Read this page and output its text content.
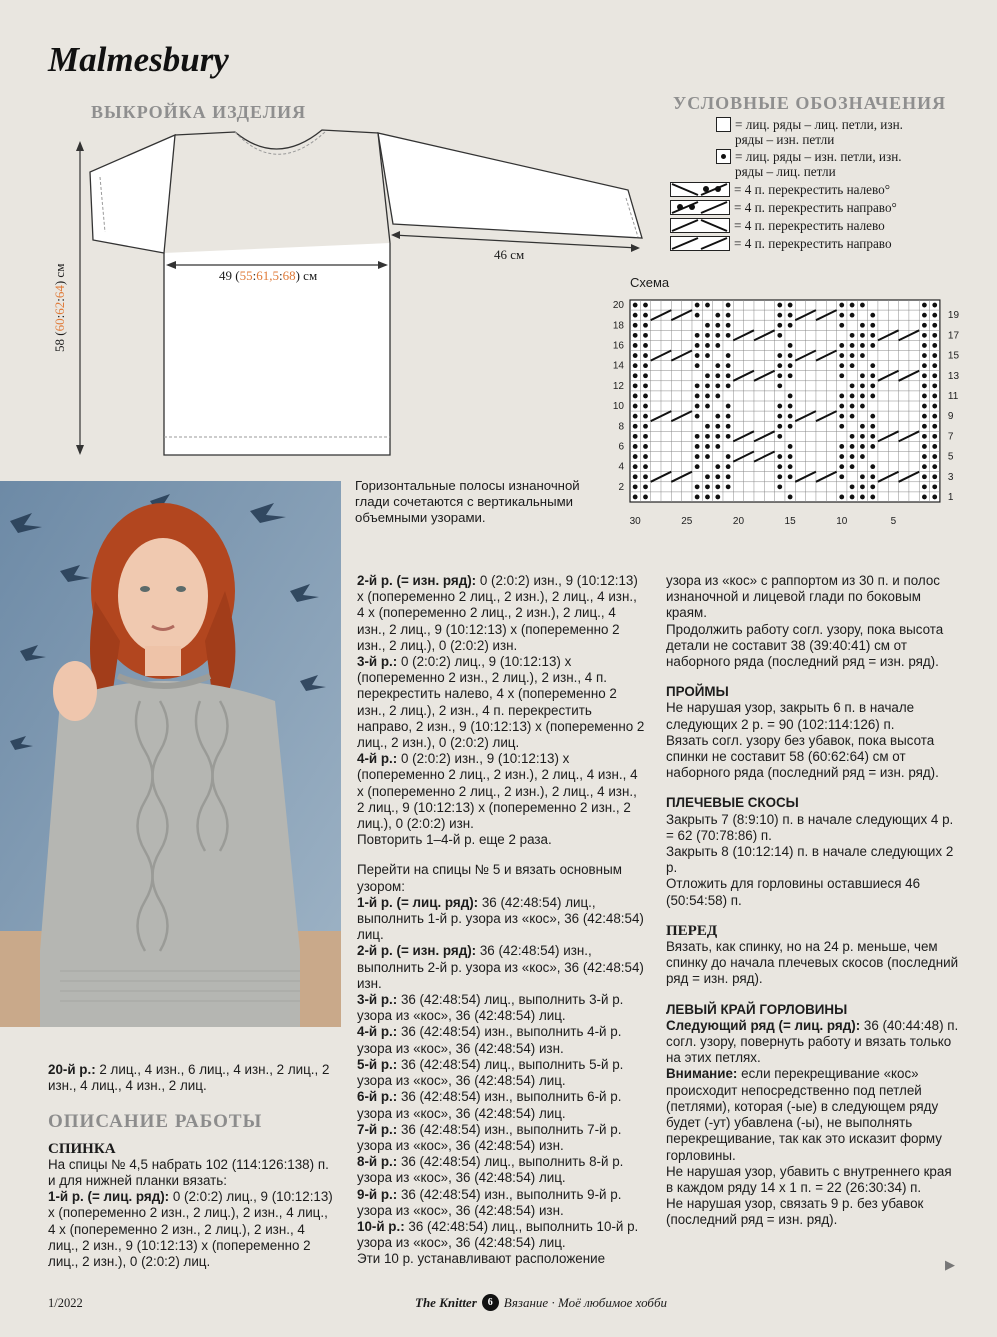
Malmesbury
ВЫКРОЙКА ИЗДЕЛИЯ	УСЛОВНЫЕ ОБОЗНАЧЕНИЯ
58 (60:62:64) см	49 (55:61,5:68) см
46 см
= лиц. ряды – лиц. петли, изн.
ряды – изн. петли
= лиц. ряды – изн. петли, изн.
ряды – лиц. петли
= 4 п. перекрестить налево°
= 4 п. перекрестить направо°
= 4 п. перекрестить налево
= 4 п. перекрестить направо
Схема
20
18
16
14
12
10
8
6
4
2
19
17
15
13
11
9
7
5
3
1
30	25	20	15	10	5
Горизонтальные полосы изнаночной глади сочетаются с вертикальными объемными узорами.

20-й р.: 2 лиц., 4 изн., 6 лиц., 4 изн., 2 лиц., 2 изн., 4 лиц., 4 изн., 2 лиц.

ОПИСАНИЕ РАБОТЫ
СПИНКА

На спицы № 4,5 набрать 102 (114:126:138) п. и для нижней планки вязать:

1-й р. (= лиц. ряд): 0 (2:0:2) лиц., 9 (10:12:13) х (попеременно 2 изн., 2 лиц.), 2 изн., 4 лиц., 4 х (попеременно 2 изн., 2 лиц.), 2 изн., 4 лиц., 2 изн., 9 (10:12:13) х (попеременно 2 лиц., 2 изн.), 0 (2:0:2) лиц.

2-й р. (= изн. ряд): 0 (2:0:2) изн., 9 (10:12:13) х (попеременно 2 лиц., 2 изн.), 2 лиц., 4 изн., 4 х (попеременно 2 лиц., 2 изн.), 2 лиц., 4 изн., 2 лиц., 9 (10:12:13) х (попеременно 2 изн., 2 лиц.), 0 (2:0:2) изн.

3-й р.: 0 (2:0:2) лиц., 9 (10:12:13) х (попеременно 2 изн., 2 лиц.), 2 изн., 4 п. перекрестить налево, 4 х (попеременно 2 изн., 2 лиц.), 2 изн., 4 п. перекрестить направо, 2 изн., 9 (10:12:13) х (попеременно 2 лиц., 2 изн.), 0 (2:0:2) лиц.

4-й р.: 0 (2:0:2) изн., 9 (10:12:13) х (попеременно 2 лиц., 2 изн.), 2 лиц., 4 изн., 4 х (попеременно 2 лиц., 2 изн.), 2 лиц., 4 изн., 2 лиц., 9 (10:12:13) х (попеременно 2 изн., 2 лиц.), 0 (2:0:2) изн.

Повторить 1–4-й р. еще 2 раза.

Перейти на спицы № 5 и вязать основным узором:

1-й р. (= лиц. ряд): 36 (42:48:54) лиц., выполнить 1-й р. узора из «кос», 36 (42:48:54) лиц.

2-й р. (= изн. ряд): 36 (42:48:54) изн., выполнить 2-й р. узора из «кос», 36 (42:48:54) изн.

3-й р.: 36 (42:48:54) лиц., выполнить 3-й р. узора из «кос», 36 (42:48:54) лиц.

4-й р.: 36 (42:48:54) изн., выполнить 4-й р. узора из «кос», 36 (42:48:54) изн.

5-й р.: 36 (42:48:54) лиц., выполнить 5-й р. узора из «кос», 36 (42:48:54) лиц.

6-й р.: 36 (42:48:54) изн., выполнить 6-й р. узора из «кос», 36 (42:48:54) лиц.

7-й р.: 36 (42:48:54) изн., выполнить 7-й р. узора из «кос», 36 (42:48:54) изн.

8-й р.: 36 (42:48:54) лиц., выполнить 8-й р. узора из «кос», 36 (42:48:54) лиц.

9-й р.: 36 (42:48:54) изн., выполнить 9-й р. узора из «кос», 36 (42:48:54) изн.

10-й р.: 36 (42:48:54) лиц., выполнить 10-й р. узора из «кос», 36 (42:48:54) лиц.

Эти 10 р. устанавливают расположение

узора из «кос» с раппортом из 30 п. и полос изнаночной и лицевой глади по боковым краям.

Продолжить работу согл. узору, пока высота детали не составит 38 (39:40:41) см от наборного ряда (последний ряд = изн. ряд).

ПРОЙМЫ

Не нарушая узор, закрыть 6 п. в начале следующих 2 р. = 90 (102:114:126) п.

Вязать согл. узору без убавок, пока высота спинки не составит 58 (60:62:64) см от наборного ряда (последний ряд = изн. ряд).

ПЛЕЧЕВЫЕ СКОСЫ

Закрыть 7 (8:9:10) п. в начале следующих 4 р. = 62 (70:78:86) п.

Закрыть 8 (10:12:14) п. в начале следующих 2 р.

Отложить для горловины оставшиеся 46 (50:54:58) п.

ПЕРЕД

Вязать, как спинку, но на 24 р. меньше, чем спинку до начала плечевых скосов (последний ряд = изн. ряд).

ЛЕВЫЙ КРАЙ ГОРЛОВИНЫ

Следующий ряд (= лиц. ряд): 36 (40:44:48) п. согл. узору, повернуть работу и вязать только на этих петлях.

Внимание: если перекрещивание «кос» происходит непосредственно под петлей (петлями), которая (-ые) в следующем ряду будет (-ут) убавлена (-ы), не выполнять перекрещивание, так как это исказит форму горловины.

Не нарушая узор, убавить с внутреннего края в каждом ряду 14 х 1 п. = 22 (26:30:34) п.

Не нарушая узор, связать 9 р. без убавок (последний ряд = изн. ряд).

▶
1/2022	The Knitter	6 Вязание · Моё любимое хобби
